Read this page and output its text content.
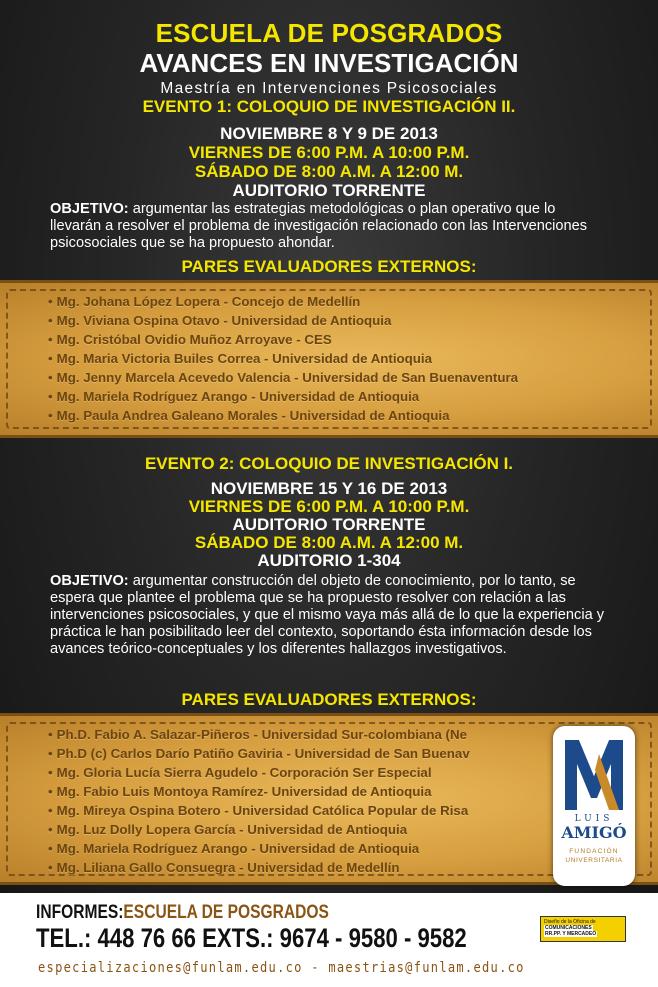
ESCUELA DE POSGRADOS
AVANCES EN INVESTIGACIÓN
Maestría en Intervenciones Psicosociales
EVENTO 1: COLOQUIO DE INVESTIGACIÓN II.
NOVIEMBRE 8 Y 9 DE 2013
VIERNES DE 6:00 P.M. A 10:00 P.M.
SÁBADO DE 8:00 A.M. A 12:00 M.
AUDITORIO TORRENTE
OBJETIVO: argumentar las estrategias metodológicas o plan operativo que lo llevarán a resolver el problema de investigación relacionado con las Intervenciones psicosociales que se ha propuesto ahondar.
PARES EVALUADORES EXTERNOS:
• Mg. Johana López Lopera - Concejo de Medellín
• Mg. Viviana Ospina Otavo - Universidad de Antioquia
• Mg. Cristóbal Ovidio Muñoz Arroyave - CES
• Mg. Maria Victoria Builes Correa - Universidad de Antioquia
• Mg. Jenny Marcela Acevedo Valencia - Universidad de San Buenaventura
• Mg. Mariela Rodríguez Arango - Universidad de Antioquia
• Mg. Paula Andrea Galeano Morales - Universidad de Antioquia
EVENTO 2: COLOQUIO DE INVESTIGACIÓN I.
NOVIEMBRE 15 Y 16 DE 2013
VIERNES DE 6:00 P.M. A 10:00 P.M.
AUDITORIO TORRENTE
SÁBADO DE 8:00 A.M. A 12:00 M.
AUDITORIO 1-304
OBJETIVO: argumentar construcción del objeto de conocimiento, por lo tanto, se espera que plantee el problema que se ha propuesto resolver con relación a las intervenciones psicosociales, y que el mismo vaya más allá de lo que la experiencia y práctica le han posibilitado leer del contexto, soportando ésta información desde los avances teórico-conceptuales y los diferentes hallazgos investigativos.
PARES EVALUADORES EXTERNOS:
• Ph.D. Fabio A. Salazar-Piñeros - Universidad Sur-colombiana (Ne
• Ph.D (c) Carlos Darío Patiño Gaviria - Universidad de San Buenav
• Mg. Gloria Lucía Sierra Agudelo - Corporación Ser Especial
• Mg. Fabio Luis Montoya Ramírez- Universidad de Antioquia
• Mg. Mireya Ospina Botero - Universidad Católica Popular de Risa
• Mg. Luz Dolly Lopera García - Universidad de Antioquia
• Mg. Mariela Rodríguez Arango - Universidad de Antioquia
• Mg. Liliana Gallo Consuegra - Universidad de Medellín
LUIS
AMIGÓ
FUNDACIÓN
UNIVERSITARIA
INFORMES:ESCUELA DE POSGRADOS
TEL.: 448 76 66 EXTS.: 9674 - 9580 - 9582
especializaciones@funlam.edu.co - maestrias@funlam.edu.co
Diseño de la Oficina de
COMUNICACIONES RR.PP. Y MERCADEO
